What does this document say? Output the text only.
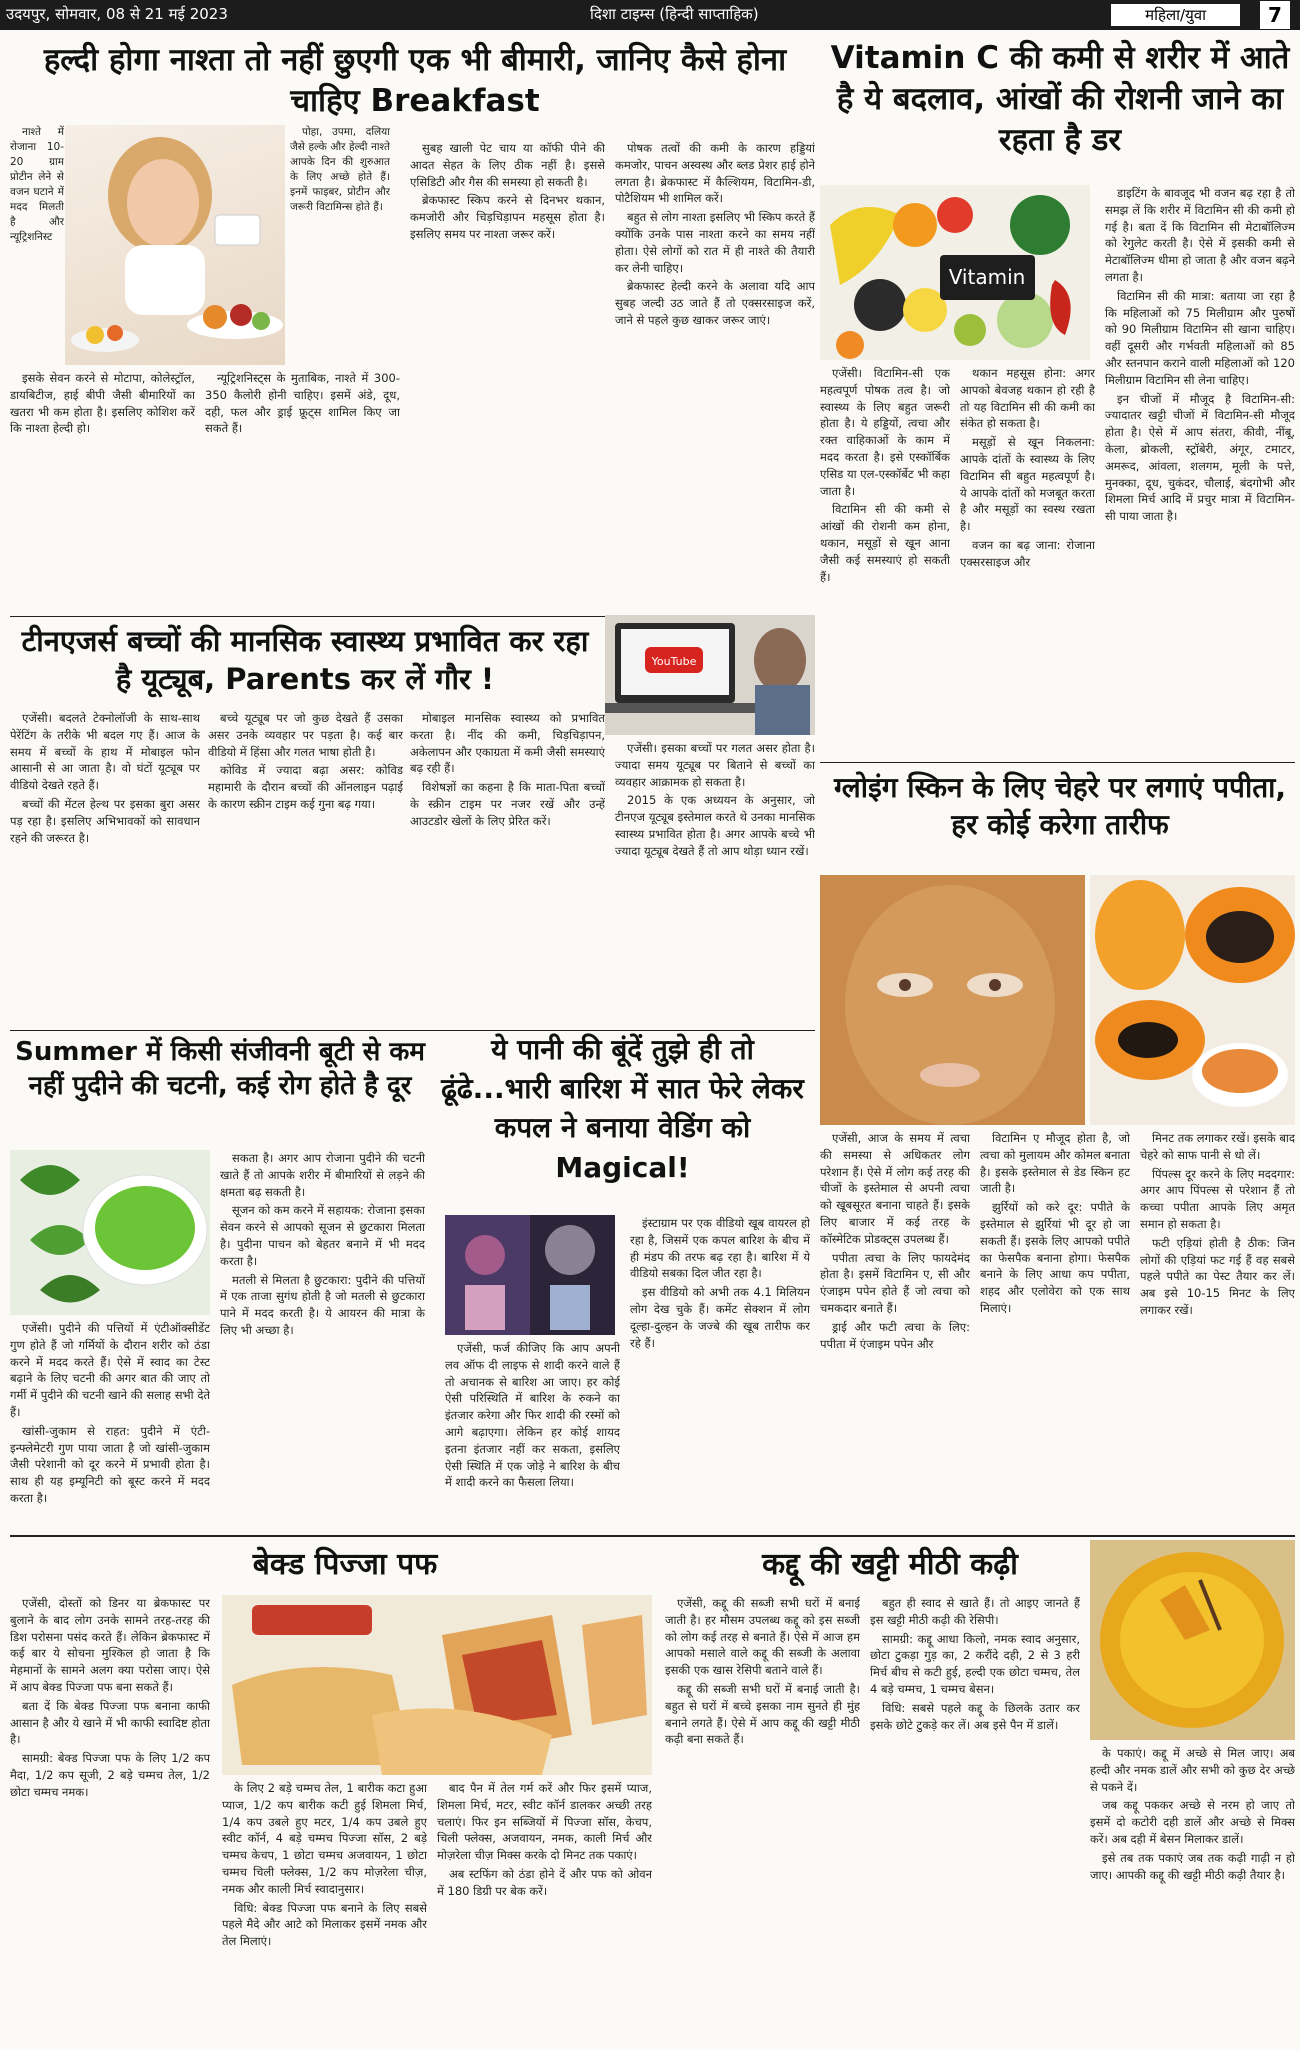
उदयपुर, सोमवार, 08 से 21 मई 2023	दिशा टाइम्स (हिन्दी साप्ताहिक)	महिला/युवा	7
हल्दी होगा नाश्ता तो नहीं छुएगी एक भी बीमारी, जानिए कैसे होना चाहिए Breakfast

नाश्ते में रोजाना 10-20 ग्राम प्रोटीन लेने से वजन घटाने में मदद मिलती है और न्यूट्रिशनिस्ट

इसके सेवन करने से मोटापा, कोलेस्ट्रॉल, डायबिटीज, हाई बीपी जैसी बीमारियों का खतरा भी कम होता है। इसलिए कोशिश करें कि नाश्ता हेल्दी हो।

पोहा, उपमा, दलिया जैसे हल्के और हेल्दी नाश्ते आपके दिन की शुरुआत के लिए अच्छे होते हैं। इनमें फाइबर, प्रोटीन और जरूरी विटामिन्स होते हैं।

न्यूट्रिशनिस्ट्स के मुताबिक, नाश्ते में 300-350 कैलोरी होनी चाहिए। इसमें अंडे, दूध, दही, फल और ड्राई फ्रूट्स शामिल किए जा सकते हैं।

सुबह खाली पेट चाय या कॉफी पीने की आदत सेहत के लिए ठीक नहीं है। इससे एसिडिटी और गैस की समस्या हो सकती है।

ब्रेकफास्ट स्किप करने से दिनभर थकान, कमजोरी और चिड़चिड़ापन महसूस होता है। इसलिए समय पर नाश्ता जरूर करें।

पोषक तत्वों की कमी के कारण हड्डियां कमजोर, पाचन अस्वस्थ और ब्लड प्रेशर हाई होने लगता है। ब्रेकफास्ट में कैल्शियम, विटामिन-डी, पोटैशियम भी शामिल करें।

बहुत से लोग नाश्ता इसलिए भी स्किप करते हैं क्योंकि उनके पास नाश्ता करने का समय नहीं होता। ऐसे लोगों को रात में ही नाश्ते की तैयारी कर लेनी चाहिए।

ब्रेकफास्ट हेल्दी करने के अलावा यदि आप सुबह जल्दी उठ जाते हैं तो एक्सरसाइज करें, जाने से पहले कुछ खाकर जरूर जाएं।

टीनएजर्स बच्चों की मानसिक स्वास्थ्य प्रभावित कर रहा है यूट्यूब, Parents कर लें गौर !
YouTube

एजेंसी। बदलते टेक्नोलॉजी के साथ-साथ पेरेंटिंग के तरीके भी बदल गए हैं। आज के समय में बच्चों के हाथ में मोबाइल फोन आसानी से आ जाता है। वो घंटों यूट्यूब पर वीडियो देखते रहते हैं।

बच्चों की मेंटल हेल्थ पर इसका बुरा असर पड़ रहा है। इसलिए अभिभावकों को सावधान रहने की जरूरत है।

बच्चे यूट्यूब पर जो कुछ देखते हैं उसका असर उनके व्यवहार पर पड़ता है। कई बार वीडियो में हिंसा और गलत भाषा होती है।

कोविड में ज्यादा बढ़ा असर: कोविड महामारी के दौरान बच्चों की ऑनलाइन पढ़ाई के कारण स्क्रीन टाइम कई गुना बढ़ गया।

मोबाइल मानसिक स्वास्थ्य को प्रभावित करता है। नींद की कमी, चिड़चिड़ापन, अकेलापन और एकाग्रता में कमी जैसी समस्याएं बढ़ रही हैं।

विशेषज्ञों का कहना है कि माता-पिता बच्चों के स्क्रीन टाइम पर नजर रखें और उन्हें आउटडोर खेलों के लिए प्रेरित करें।

एजेंसी। इसका बच्चों पर गलत असर होता है। ज्यादा समय यूट्यूब पर बिताने से बच्चों का व्यवहार आक्रामक हो सकता है।

2015 के एक अध्ययन के अनुसार, जो टीनएज यूट्यूब इस्तेमाल करते थे उनका मानसिक स्वास्थ्य प्रभावित होता है। अगर आपके बच्चे भी ज्यादा यूट्यूब देखते हैं तो आप थोड़ा ध्यान रखें।

Vitamin C की कमी से शरीर में आते है ये बदलाव, आंखों की रोशनी जाने का रहता है डर
Vitamin

डाइटिंग के बावजूद भी वजन बढ़ रहा है तो समझ लें कि शरीर में विटामिन सी की कमी हो गई है। बता दें कि विटामिन सी मेटाबॉलिज्म को रेगुलेट करती है। ऐसे में इसकी कमी से मेटाबॉलिज्म धीमा हो जाता है और वजन बढ़ने लगता है।

विटामिन सी की मात्रा: बताया जा रहा है कि महिलाओं को 75 मिलीग्राम और पुरुषों को 90 मिलीग्राम विटामिन सी खाना चाहिए। वहीं दूसरी और गर्भवती महिलाओं को 85 और स्तनपान कराने वाली महिलाओं को 120 मिलीग्राम विटामिन सी लेना चाहिए।

इन चीजों में मौजूद है विटामिन-सी: ज्यादातर खट्टी चीजों में विटामिन-सी मौजूद होता है। ऐसे में आप संतरा, कीवी, नींबू, केला, ब्रोकली, स्ट्रॉबेरी, अंगूर, टमाटर, अमरूद, आंवला, शलगम, मूली के पत्ते, मुनक्का, दूध, चुकंदर, चौलाई, बंदगोभी और शिमला मिर्च आदि में प्रचुर मात्रा में विटामिन-सी पाया जाता है।

एजेंसी। विटामिन-सी एक महत्वपूर्ण पोषक तत्व है। जो स्वास्थ्य के लिए बहुत जरूरी होता है। ये हड्डियों, त्वचा और रक्त वाहिकाओं के काम में मदद करता है। इसे एस्कॉर्बिक एसिड या एल-एस्कॉर्बेट भी कहा जाता है।

विटामिन सी की कमी से आंखों की रोशनी कम होना, थकान, मसूड़ों से खून आना जैसी कई समस्याएं हो सकती हैं।

थकान महसूस होना: अगर आपको बेवजह थकान हो रही है तो यह विटामिन सी की कमी का संकेत हो सकता है।

मसूड़ों से खून निकलना: आपके दांतों के स्वास्थ्य के लिए विटामिन सी बहुत महत्वपूर्ण है। ये आपके दांतों को मजबूत करता है और मसूड़ों का स्वस्थ रखता है।

वजन का बढ़ जाना: रोजाना एक्सरसाइज और

ग्लोइंग स्किन के लिए चेहरे पर लगाएं पपीता, हर कोई करेगा तारीफ

एजेंसी, आज के समय में त्वचा की समस्या से अधिकतर लोग परेशान हैं। ऐसे में लोग कई तरह की चीजों के इस्तेमाल से अपनी त्वचा को खूबसूरत बनाना चाहते हैं। इसके लिए बाजार में कई तरह के कॉस्मेटिक प्रोडक्ट्स उपलब्ध हैं।

पपीता त्वचा के लिए फायदेमंद होता है। इसमें विटामिन ए, सी और एंजाइम पपेन होते हैं जो त्वचा को चमकदार बनाते हैं।

ड्राई और फटी त्वचा के लिए: पपीता में एंजाइम पपेन और

विटामिन ए मौजूद होता है, जो त्वचा को मुलायम और कोमल बनाता है। इसके इस्तेमाल से डेड स्किन हट जाती है।

झुर्रियों को करे दूर: पपीते के इस्तेमाल से झुर्रियां भी दूर हो जा सकती हैं। इसके लिए आपको पपीते का फेसपैक बनाना होगा। फेसपैक बनाने के लिए आधा कप पपीता, शहद और एलोवेरा को एक साथ मिलाएं।

मिनट तक लगाकर रखें। इसके बाद चेहरे को साफ पानी से धो लें।

पिंपल्स दूर करने के लिए मददगार: अगर आप पिंपल्स से परेशान हैं तो कच्चा पपीता आपके लिए अमृत समान हो सकता है।

फटी एड़ियां होती है ठीक: जिन लोगों की एड़ियां फट गई हैं वह सबसे पहले पपीते का पेस्ट तैयार कर लें। अब इसे 10-15 मिनट के लिए लगाकर रखें।

Summer में किसी संजीवनी बूटी से कम नहीं पुदीने की चटनी, कई रोग होते है दूर

एजेंसी। पुदीने की पत्तियों में एंटीऑक्सीडेंट गुण होते हैं जो गर्मियों के दौरान शरीर को ठंडा करने में मदद करते हैं। ऐसे में स्वाद का टेस्ट बढ़ाने के लिए चटनी की अगर बात की जाए तो गर्मी में पुदीने की चटनी खाने की सलाह सभी देते हैं।

खांसी-जुकाम से राहत: पुदीने में एंटी-इन्फ्लेमेटरी गुण पाया जाता है जो खांसी-जुकाम जैसी परेशानी को दूर करने में प्रभावी होता है। साथ ही यह इम्यूनिटी को बूस्ट करने में मदद करता है।

सकता है। अगर आप रोजाना पुदीने की चटनी खाते हैं तो आपके शरीर में बीमारियों से लड़ने की क्षमता बढ़ सकती है।

सूजन को कम करने में सहायक: रोजाना इसका सेवन करने से आपको सूजन से छुटकारा मिलता है। पुदीना पाचन को बेहतर बनाने में भी मदद करता है।

मतली से मिलता है छुटकारा: पुदीने की पत्तियों में एक ताजा सुगंध होती है जो मतली से छुटकारा पाने में मदद करती है। ये आयरन की मात्रा के लिए भी अच्छा है।

ये पानी की बूंदें तुझे ही तो ढूंढे...भारी बारिश में सात फेरे लेकर कपल ने बनाया वेडिंग को Magical!

एजेंसी, फर्ज कीजिए कि आप अपनी लव ऑफ दी लाइफ से शादी करने वाले हैं तो अचानक से बारिश आ जाए। हर कोई ऐसी परिस्थिति में बारिश के रुकने का इंतजार करेगा और फिर शादी की रस्मों को आगे बढ़ाएगा। लेकिन हर कोई शायद इतना इंतजार नहीं कर सकता, इसलिए ऐसी स्थिति में एक जोड़े ने बारिश के बीच में शादी करने का फैसला लिया।

इंस्टाग्राम पर एक वीडियो खूब वायरल हो रहा है, जिसमें एक कपल बारिश के बीच में ही मंडप की तरफ बढ़ रहा है। बारिश में ये वीडियो सबका दिल जीत रहा है।

इस वीडियो को अभी तक 4.1 मिलियन लोग देख चुके हैं। कमेंट सेक्शन में लोग दूल्हा-दुल्हन के जज्बे की खूब तारीफ कर रहे हैं।

बेक्ड पिज्जा पफ

एजेंसी, दोस्तों को डिनर या ब्रेकफास्ट पर बुलाने के बाद लोग उनके सामने तरह-तरह की डिश परोसना पसंद करते हैं। लेकिन ब्रेकफास्ट में कई बार ये सोचना मुश्किल हो जाता है कि मेहमानों के सामने अलग क्या परोसा जाए। ऐसे में आप बेक्ड पिज्जा पफ बना सकते हैं।

बता दें कि बेक्ड पिज्जा पफ बनाना काफी आसान है और ये खाने में भी काफी स्वादिष्ट होता है।

सामग्री: बेक्ड पिज्जा पफ के लिए 1/2 कप मैदा, 1/2 कप सूजी, 2 बड़े चम्मच तेल, 1/2 छोटा चम्मच नमक।	के लिए 2 बड़े चम्मच तेल, 1 बारीक कटा हुआ प्याज, 1/2 कप बारीक कटी हुई शिमला मिर्च, 1/4 कप उबले हुए मटर, 1/4 कप उबले हुए स्वीट कॉर्न, 4 बड़े चम्मच पिज्जा सॉस, 2 बड़े चम्मच केचप, 1 छोटा चम्मच अजवायन, 1 छोटा चम्मच चिली फ्लेक्स, 1/2 कप मोज़रेला चीज़, नमक और काली मिर्च स्वादानुसार।

विधि: बेक्ड पिज्जा पफ बनाने के लिए सबसे पहले मैदे और आटे को मिलाकर इसमें नमक और तेल मिलाएं।

बाद पैन में तेल गर्म करें और फिर इसमें प्याज, शिमला मिर्च, मटर, स्वीट कॉर्न डालकर अच्छी तरह चलाएं। फिर इन सब्जियों में पिज्जा सॉस, केचप, चिली फ्लेक्स, अजवायन, नमक, काली मिर्च और मोज़रेला चीज़ मिक्स करके दो मिनट तक पकाएं।

अब स्टफिंग को ठंडा होने दें और पफ को ओवन में 180 डिग्री पर बेक करें।

कद्दू की खट्टी मीठी कढ़ी

एजेंसी, कद्दू की सब्जी सभी घरों में बनाई जाती है। हर मौसम उपलब्ध कद्दू को इस सब्जी को लोग कई तरह से बनाते हैं। ऐसे में आज हम आपको मसाले वाले कद्दू की सब्जी के अलावा इसकी एक खास रेसिपी बताने वाले हैं।

कद्दू की सब्जी सभी घरों में बनाई जाती है। बहुत से घरों में बच्चे इसका नाम सुनते ही मुंह बनाने लगते हैं। ऐसे में आप कद्दू की खट्टी मीठी कढ़ी बना सकते हैं।

बहुत ही स्वाद से खाते हैं। तो आइए जानते हैं इस खट्टी मीठी कढ़ी की रेसिपी।

सामग्री: कद्दू आधा किलो, नमक स्वाद अनुसार, छोटा टुकड़ा गुड़ का, 2 करौंदे दही, 2 से 3 हरी मिर्च बीच से कटी हुई, हल्दी एक छोटा चम्मच, तेल 4 बड़े चम्मच, 1 चम्मच बेसन।

विधि: सबसे पहले कद्दू के छिलके उतार कर इसके छोटे टुकड़े कर लें। अब इसे पैन में डालें।

के पकाएं। कद्दू में अच्छे से मिल जाए। अब हल्दी और नमक डालें और सभी को कुछ देर अच्छे से पकने दें।

जब कद्दू पककर अच्छे से नरम हो जाए तो इसमें दो कटोरी दही डालें और अच्छे से मिक्स करें। अब दही में बेसन मिलाकर डालें।

इसे तब तक पकाएं जब तक कढ़ी गाढ़ी न हो जाए। आपकी कद्दू की खट्टी मीठी कढ़ी तैयार है।
